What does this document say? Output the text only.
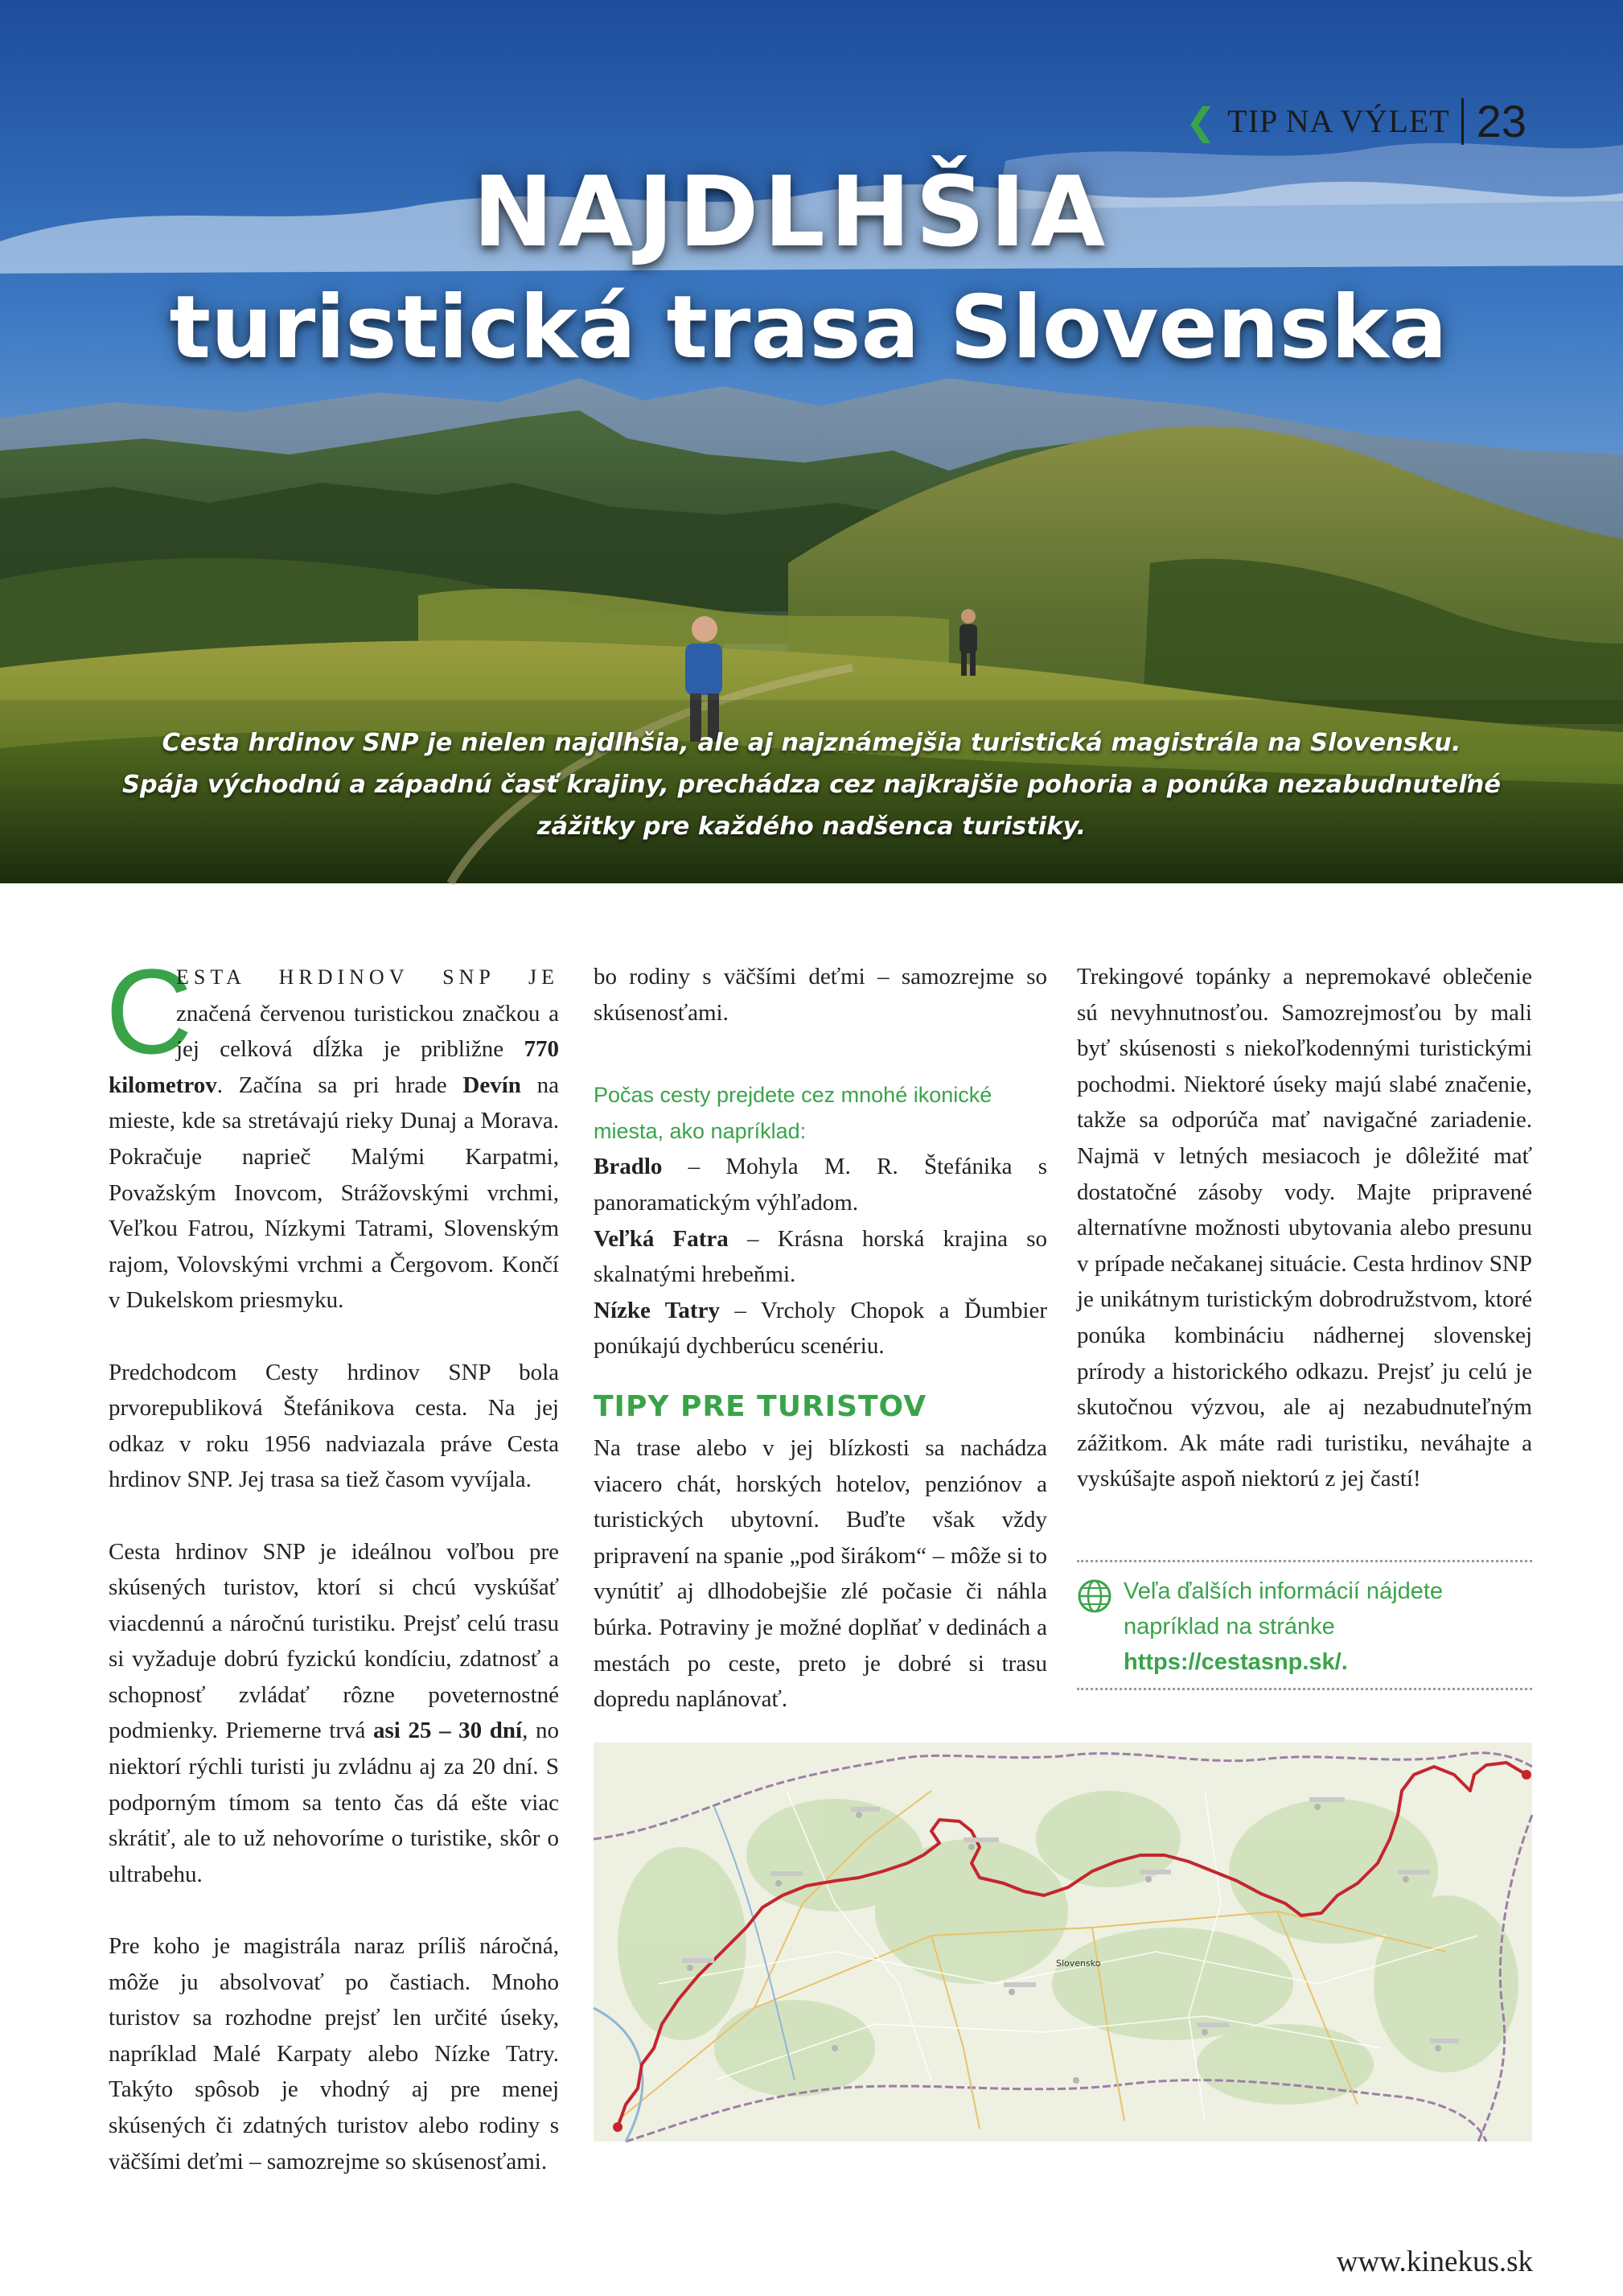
❮ TIP NA VÝLET 23
NAJDLHŠIA
turistická trasa Slovenska
Cesta hrdinov SNP je nielen najdlhšia, ale aj najznámejšia turistická magistrála na Slovensku.
Spája východnú a západnú časť krajiny, prechádza cez najkrajšie pohoria a ponúka nezabudnuteľné
zážitky pre každého nadšenca turistiky.

C
ESTA HRDINOV SNP JE značená červenou turistickou značkou a jej celková dĺžka je približne 770 kilometrov. Začína sa pri hrade Devín na mieste, kde sa stretávajú rieky Dunaj a Morava. Pokračuje naprieč Malými Karpatmi, Považským Inovcom, Strážovskými vrchmi, Veľkou Fatrou, Nízkymi Tatrami, Slovenským rajom, Volovskými vrchmi a Čergovom. Končí v Dukelskom priesmyku.

Predchodcom Cesty hrdinov SNP bola prvorepubliková Štefánikova cesta. Na jej odkaz v roku 1956 nadviazala práve Cesta hrdinov SNP. Jej trasa sa tiež časom vyvíjala.

Cesta hrdinov SNP je ideálnou voľbou pre skúsených turistov, ktorí si chcú vyskúšať viacdennú a náročnú turistiku. Prejsť celú trasu si vyžaduje dobrú fyzickú kondíciu, zdatnosť a schopnosť zvládať rôzne poveternostné podmienky. Priemerne trvá asi 25 – 30 dní, no niektorí rýchli turisti ju zvládnu aj za 20 dní. S podporným tímom sa tento čas dá ešte viac skrátiť, ale to už nehovoríme o turistike, skôr o ultrabehu.

Pre koho je magistrála naraz príliš náročná, môže ju absolvovať po častiach. Mnoho turistov sa rozhodne prejsť len určité úseky, napríklad Malé Karpaty alebo Nízke Tatry. Takýto spôsob je vhodný aj pre menej skúsených či zdatných turistov alebo rodiny s väčšími deťmi – samozrejme so skúsenosťami.

bo rodiny s väčšími deťmi – samozrejme so skúsenosťami.

Počas cesty prejdete cez mnohé ikonické miesta, ako napríklad:

Bradlo – Mohyla M. R. Štefánika s panoramatickým výhľadom.

Veľká Fatra – Krásna horská krajina so skalnatými hrebeňmi.

Nízke Tatry – Vrcholy Chopok a Ďumbier ponúkajú dychberúcu scenériu.

TIPY PRE TURISTOV

Na trase alebo v jej blízkosti sa nachádza viacero chát, horských hotelov, penziónov a turistických ubytovní. Buďte však vždy pripravení na spanie „pod širákom“ – môže si to vynútiť aj dlhodobejšie zlé počasie či náhla búrka. Potraviny je možné doplňať v dedinách a mestách po ceste, preto je dobré si trasu dopredu naplánovať.

Trekingové topánky a nepremokavé oblečenie sú nevyhnutnosťou. Samozrejmosťou by mali byť skúsenosti s niekoľkodennými turistickými pochodmi. Niektoré úseky majú slabé značenie, takže sa odporúča mať navigačné zariadenie. Najmä v letných mesiacoch je dôležité mať dostatočné zásoby vody. Majte pripravené alternatívne možnosti ubytovania alebo presunu v prípade nečakanej situácie. Cesta hrdinov SNP je unikátnym turistickým dobrodružstvom, ktoré ponúka kombináciu nádhernej slovenskej prírody a historického odkazu. Prejsť ju celú je skutočnou výzvou, ale aj nezabudnuteľným zážitkom. Ak máte radi turistiku, neváhajte a vyskúšajte aspoň niektorú z jej častí!

Veľa ďalších informácií nájdete napríklad na stránke https://cestasnp.sk/.
Slovensko
www.kinekus.sk
